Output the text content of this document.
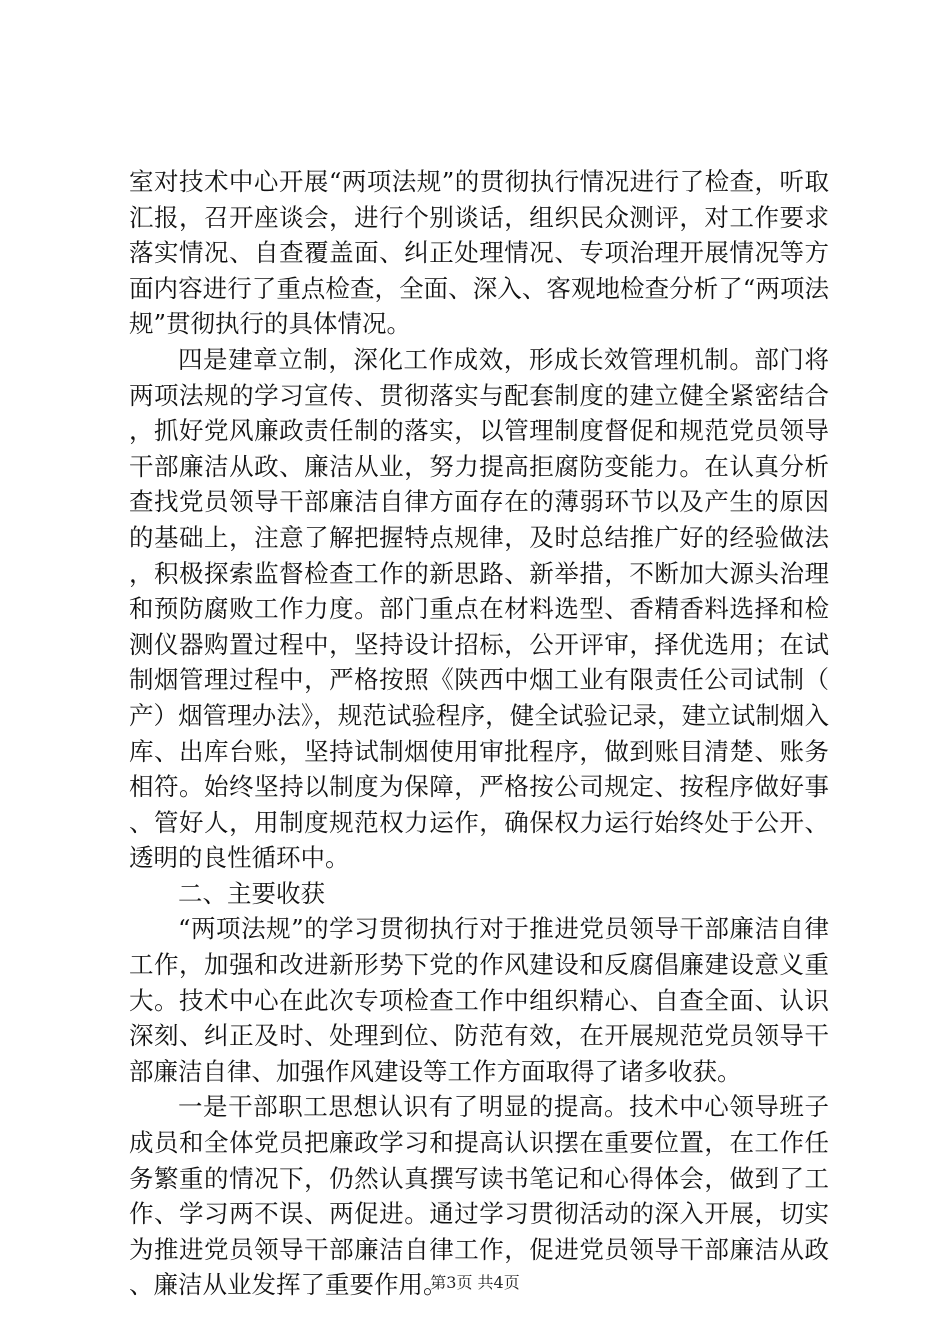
室对技术中心开展“两项法规”的贯彻执行情况进行了检查，听取汇报，召开座谈会，进行个别谈话，组织民众测评，对工作要求落实情况、自查覆盖面、纠正处理情况、专项治理开展情况等方面内容进行了重点检查，全面、深入、客观地检查分析了“两项法规”贯彻执行的具体情况。

四是建章立制，深化工作成效，形成长效管理机制。部门将两项法规的学习宣传、贯彻落实与配套制度的建立健全紧密结合，抓好党风廉政责任制的落实，以管理制度督促和规范党员领导干部廉洁从政、廉洁从业，努力提高拒腐防变能力。在认真分析查找党员领导干部廉洁自律方面存在的薄弱环节以及产生的原因的基础上，注意了解把握特点规律，及时总结推广好的经验做法，积极探索监督检查工作的新思路、新举措，不断加大源头治理和预防腐败工作力度。部门重点在材料选型、香精香料选择和检测仪器购置过程中，坚持设计招标，公开评审，择优选用；在试制烟管理过程中，严格按照《陕西中烟工业有限责任公司试制（产）烟管理办法》，规范试验程序，健全试验记录，建立试制烟入库、出库台账，坚持试制烟使用审批程序，做到账目清楚、账务相符。始终坚持以制度为保障，严格按公司规定、按程序做好事、管好人，用制度规范权力运作，确保权力运行始终处于公开、透明的良性循环中。

二、主要收获

“两项法规”的学习贯彻执行对于推进党员领导干部廉洁自律工作，加强和改进新形势下党的作风建设和反腐倡廉建设意义重大。技术中心在此次专项检查工作中组织精心、自查全面、认识深刻、纠正及时、处理到位、防范有效，在开展规范党员领导干部廉洁自律、加强作风建设等工作方面取得了诸多收获。

一是干部职工思想认识有了明显的提高。技术中心领导班子成员和全体党员把廉政学习和提高认识摆在重要位置，在工作任务繁重的情况下，仍然认真撰写读书笔记和心得体会，做到了工作、学习两不误、两促进。通过学习贯彻活动的深入开展，切实为推进党员领导干部廉洁自律工作，促进党员领导干部廉洁从政、廉洁从业发挥了重要作用。

第3页 共4页
